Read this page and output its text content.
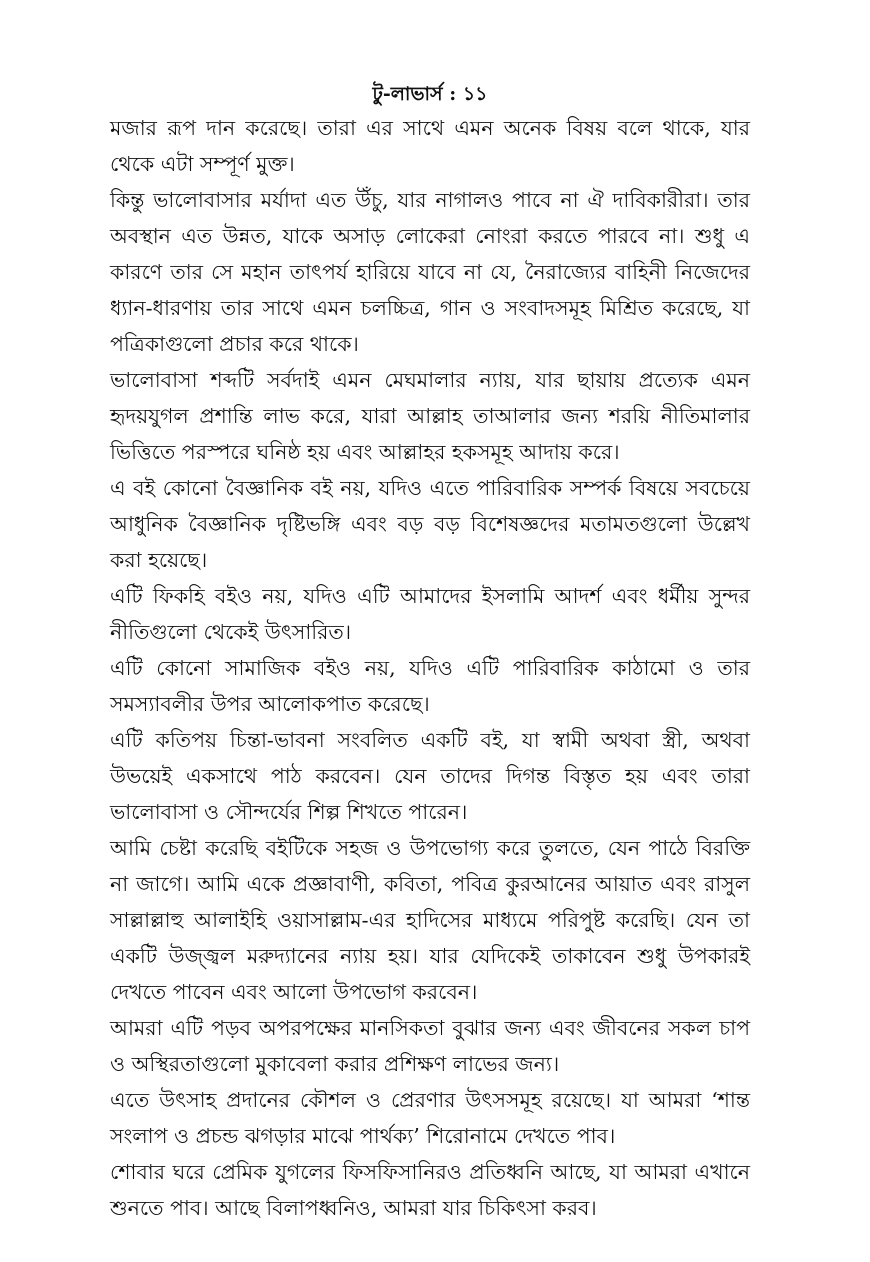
টু-লাভার্স : ১১

মজার রূপ দান করেছে। তারা এর সাথে এমন অনেক বিষয় বলে থাকে, যার থেকে এটা সম্পূর্ণ মুক্ত।

কিন্তু ভালোবাসার মর্যাদা এত উঁচু, যার নাগালও পাবে না ঐ দাবিকারীরা। তার অবস্থান এত উন্নত, যাকে অসাড় লোকেরা নোংরা করতে পারবে না। শুধু এ কারণে তার সে মহান তাৎপর্য হারিয়ে যাবে না যে, নৈরাজ্যের বাহিনী নিজেদের ধ্যান-ধারণায় তার সাথে এমন চলচ্চিত্র, গান ও সংবাদসমূহ মিশ্রিত করেছে, যা পত্রিকাগুলো প্রচার করে থাকে।

ভালোবাসা শব্দটি সর্বদাই এমন মেঘমালার ন্যায়, যার ছায়ায় প্রত্যেক এমন হৃদয়যুগল প্রশান্তি লাভ করে, যারা আল্লাহ তাআলার জন্য শরয়ি নীতিমালার ভিত্তিতে পরস্পরে ঘনিষ্ঠ হয় এবং আল্লাহর হকসমূহ আদায় করে।

এ বই কোনো বৈজ্ঞানিক বই নয়, যদিও এতে পারিবারিক সম্পর্ক বিষয়ে সবচেয়ে আধুনিক বৈজ্ঞানিক দৃষ্টিভঙ্গি এবং বড় বড় বিশেষজ্ঞদের মতামতগুলো উল্লেখ করা হয়েছে।

এটি ফিকহি বইও নয়, যদিও এটি আমাদের ইসলামি আদর্শ এবং ধর্মীয় সুন্দর নীতিগুলো থেকেই উৎসারিত।

এটি কোনো সামাজিক বইও নয়, যদিও এটি পারিবারিক কাঠামো ও তার সমস্যাবলীর উপর আলোকপাত করেছে।

এটি কতিপয় চিন্তা-ভাবনা সংবলিত একটি বই, যা স্বামী অথবা স্ত্রী, অথবা উভয়েই একসাথে পাঠ করবেন। যেন তাদের দিগন্ত বিস্তৃত হয় এবং তারা ভালোবাসা ও সৌন্দর্যের শিল্প শিখতে পারেন।

আমি চেষ্টা করেছি বইটিকে সহজ ও উপভোগ্য করে তুলতে, যেন পাঠে বিরক্তি না জাগে। আমি একে প্রজ্ঞাবাণী, কবিতা, পবিত্র কুরআনের আয়াত এবং রাসুল সাল্লাল্লাহু আলাইহি ওয়াসাল্লাম-এর হাদিসের মাধ্যমে পরিপুষ্ট করেছি। যেন তা একটি উজ্জ্বল মরুদ্যানের ন্যায় হয়। যার যেদিকেই তাকাবেন শুধু উপকারই দেখতে পাবেন এবং আলো উপভোগ করবেন।

আমরা এটি পড়ব অপরপক্ষের মানসিকতা বুঝার জন্য এবং জীবনের সকল চাপ ও অস্থিরতাগুলো মুকাবেলা করার প্রশিক্ষণ লাভের জন্য।

এতে উৎসাহ প্রদানের কৌশল ও প্রেরণার উৎসসমূহ রয়েছে। যা আমরা ‘শান্ত সংলাপ ও প্রচন্ড ঝগড়ার মাঝে পার্থক্য’ শিরোনামে দেখতে পাব।

শোবার ঘরে প্রেমিক যুগলের ফিসফিসানিরও প্রতিধ্বনি আছে, যা আমরা এখানে শুনতে পাব। আছে বিলাপধ্বনিও, আমরা যার চিকিৎসা করব।
